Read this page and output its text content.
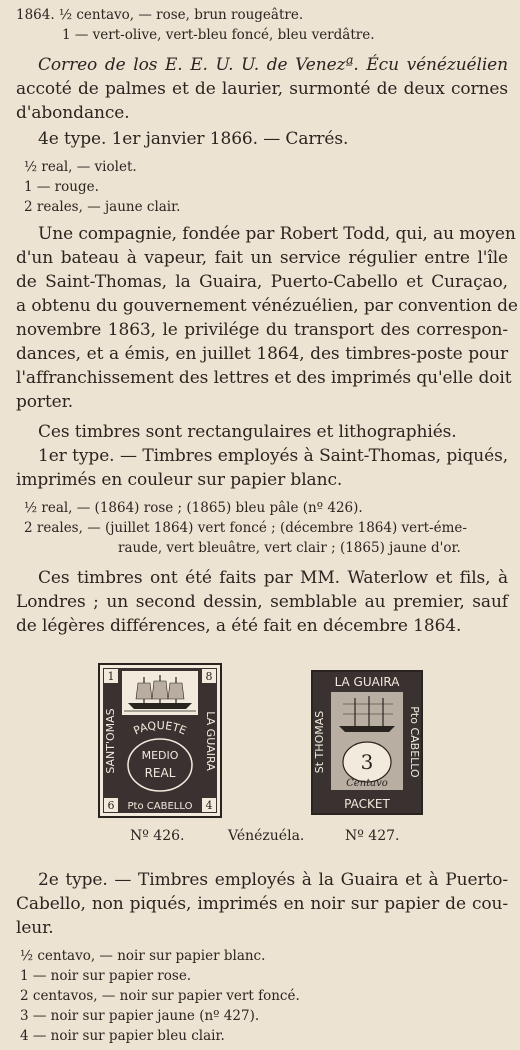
1864. ½ centavo, — rose, brun rougeâtre.
1 — vert-olive, vert-bleu foncé, bleu verdâtre.
Correo de los E. E. U. U. de Venezª. Écu vénézuélien
accoté de palmes et de laurier, surmonté de deux cornes
d'abondance.
4e type. 1er janvier 1866. — Carrés.
½ real, — violet.
1 — rouge.
2 reales, — jaune clair.
Une compagnie, fondée par Robert Todd, qui, au moyen
d'un bateau à vapeur, fait un service régulier entre l'île
de Saint-Thomas, la Guaira, Puerto-Cabello et Curaçao,
a obtenu du gouvernement vénézuélien, par convention de
novembre 1863, le privilége du transport des correspon-
dances, et a émis, en juillet 1864, des timbres-poste pour
l'affranchissement des lettres et des imprimés qu'elle doit
porter.
Ces timbres sont rectangulaires et lithographiés.
1er type. — Timbres employés à Saint-Thomas, piqués,
imprimés en couleur sur papier blanc.
½ real, — (1864) rose ; (1865) bleu pâle (nº 426).
2 reales, — (juillet 1864) vert foncé ; (décembre 1864) vert-éme-
raude, vert bleuâtre, vert clair ; (1865) jaune d'or.
Ces timbres ont été faits par MM. Waterlow et fils, à
Londres ; un second dessin, semblable au premier, sauf
de légères différences, a été fait en décembre 1864.
1	8
6	4
SANT'OMAS	LA GUAIRA
PAQUETE
MEDIO
REAL
Pto CABELLO
LA GUAIRA
St THOMAS	Pto CABELLO
3
Centavo
PACKET
Nº 426.	Vénézuéla.	Nº 427.
2e type. — Timbres employés à la Guaira et à Puerto-
Cabello, non piqués, imprimés en noir sur papier de cou-
leur.
½ centavo, — noir sur papier blanc.
1 — noir sur papier rose.
2 centavos, — noir sur papier vert foncé.
3 — noir sur papier jaune (nº 427).
4 — noir sur papier bleu clair.
